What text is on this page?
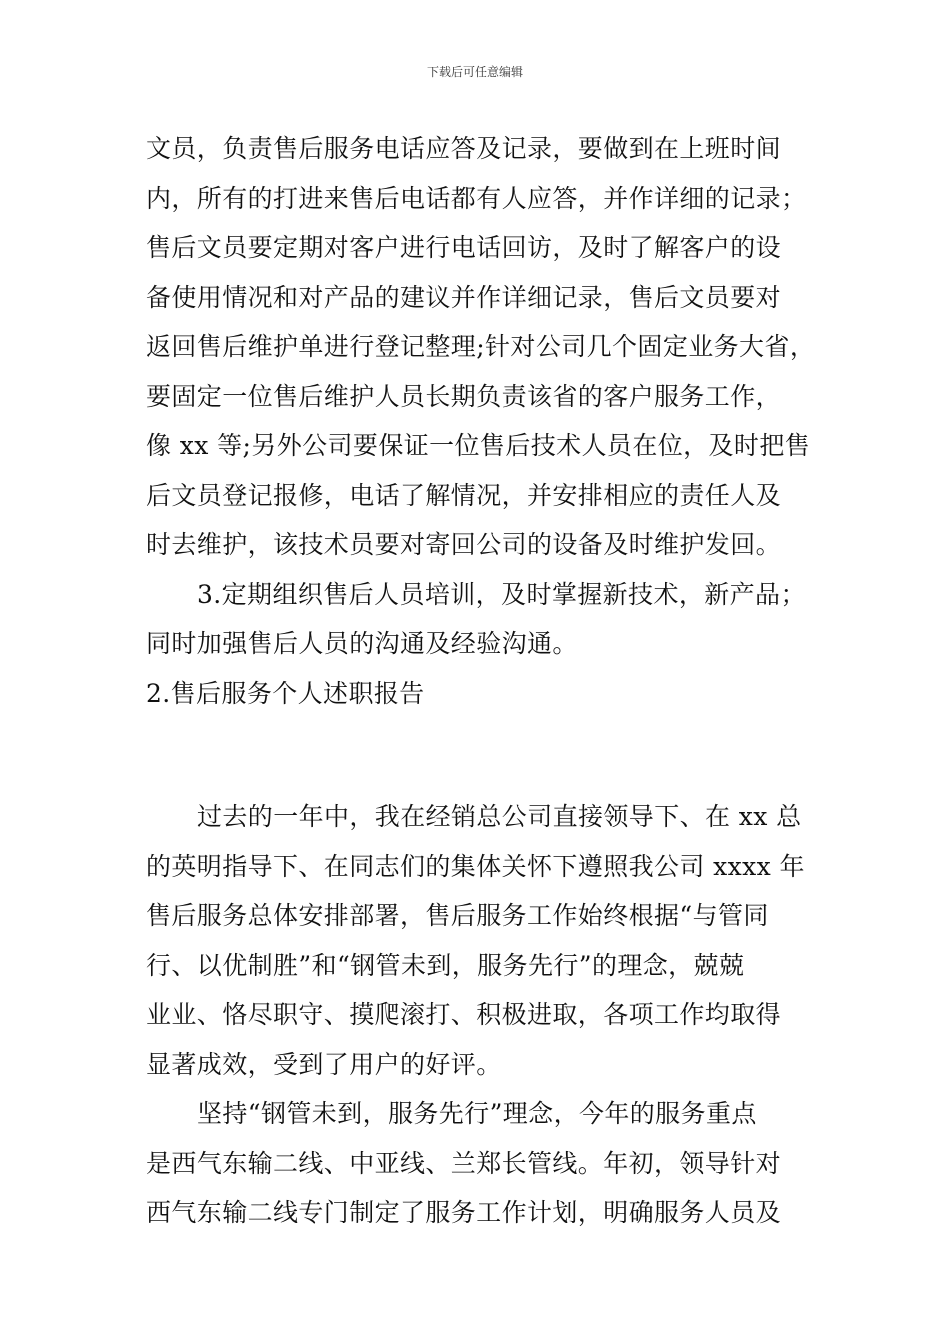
下载后可任意编辑

文员，负责售后服务电话应答及记录，要做到在上班时间

内，所有的打进来售后电话都有人应答，并作详细的记录；

售后文员要定期对客户进行电话回访，及时了解客户的设

备使用情况和对产品的建议并作详细记录，售后文员要对

返回售后维护单进行登记整理;针对公司几个固定业务大省，

要固定一位售后维护人员长期负责该省的客户服务工作，

像 xx 等;另外公司要保证一位售后技术人员在位，及时把售

后文员登记报修，电话了解情况，并安排相应的责任人及

时去维护，该技术员要对寄回公司的设备及时维护发回。

3.定期组织售后人员培训，及时掌握新技术，新产品；

同时加强售后人员的沟通及经验沟通。

2.售后服务个人述职报告

过去的一年中，我在经销总公司直接领导下、在 xx 总

的英明指导下、在同志们的集体关怀下遵照我公司 xxxx 年

售后服务总体安排部署，售后服务工作始终根据“与管同

行、以优制胜”和“钢管未到，服务先行”的理念，兢兢

业业、恪尽职守、摸爬滚打、积极进取，各项工作均取得

显著成效，受到了用户的好评。

坚持“钢管未到，服务先行”理念，今年的服务重点

是西气东输二线、中亚线、兰郑长管线。年初，领导针对

西气东输二线专门制定了服务工作计划，明确服务人员及
